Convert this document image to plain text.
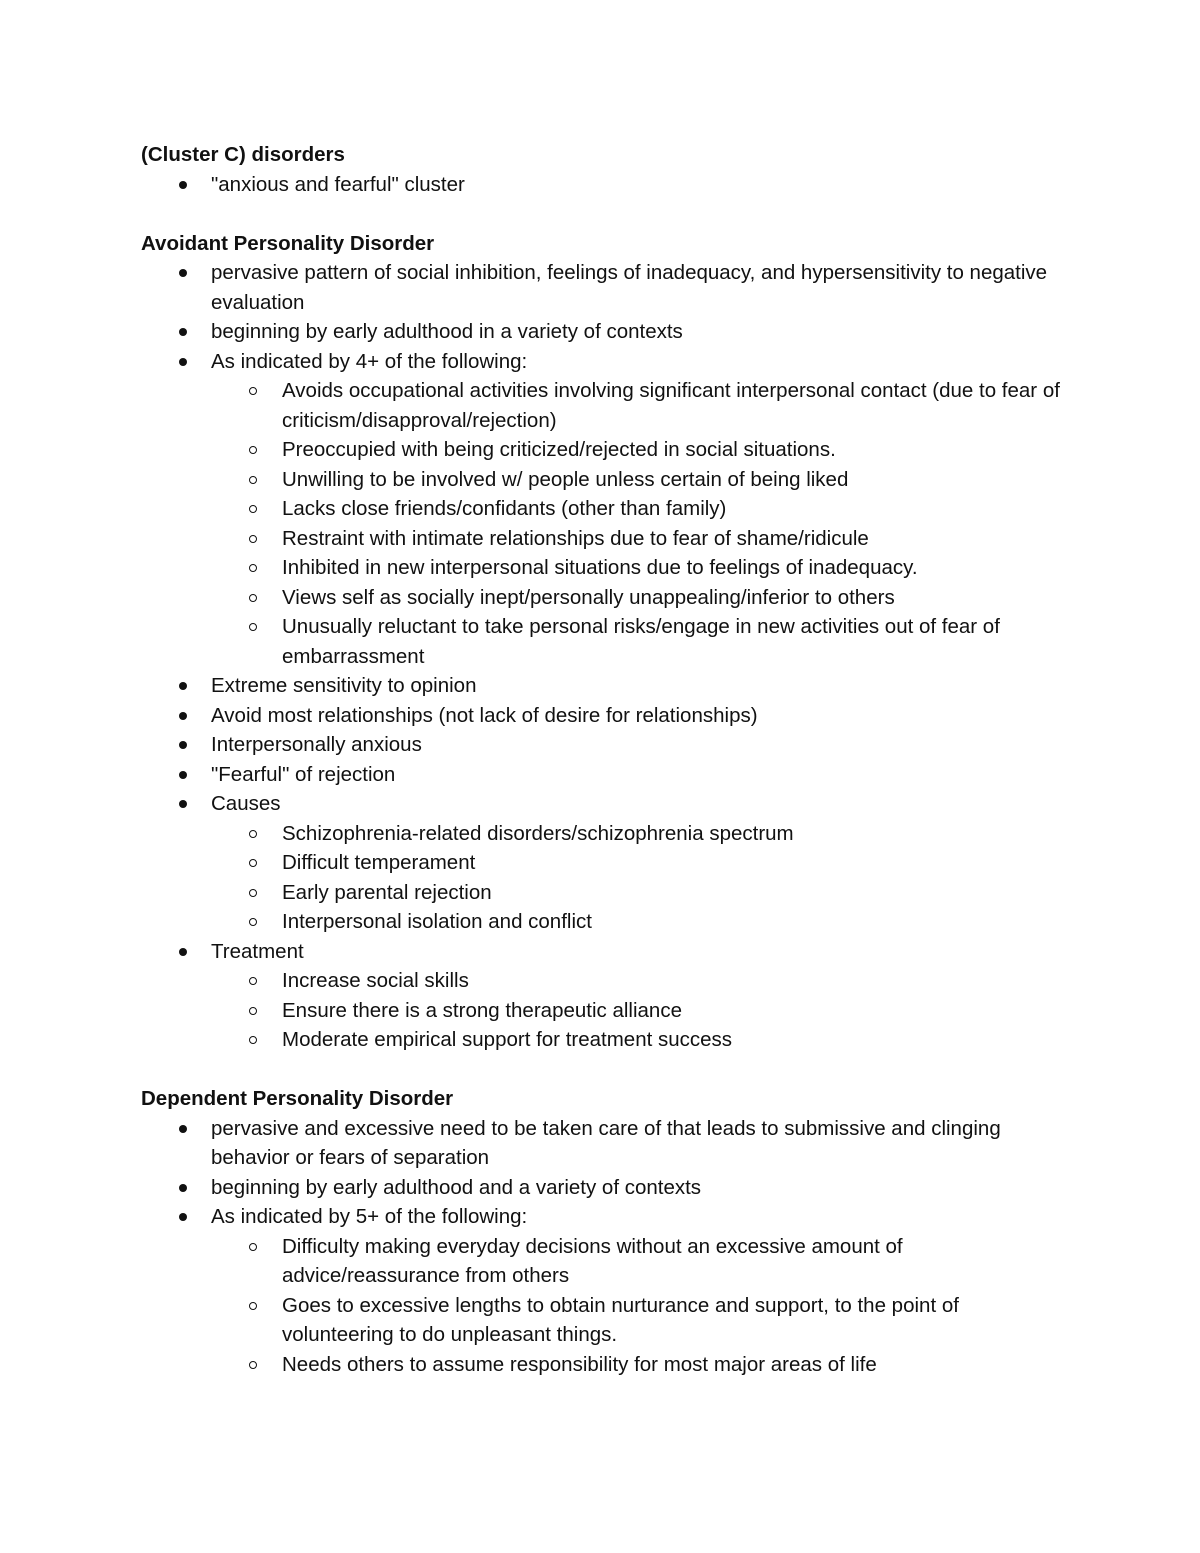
(Cluster C) disorders
"anxious and fearful" cluster
Avoidant Personality Disorder
pervasive pattern of social inhibition, feelings of inadequacy, and hypersensitivity to negative evaluation
beginning by early adulthood in a variety of contexts
As indicated by 4+ of the following:
Avoids occupational activities involving significant interpersonal contact (due to fear of criticism/disapproval/rejection)
Preoccupied with being criticized/rejected in social situations.
Unwilling to be involved w/ people unless certain of being liked
Lacks close friends/confidants (other than family)
Restraint with intimate relationships due to fear of shame/ridicule
Inhibited in new interpersonal situations due to feelings of inadequacy.
Views self as socially inept/personally unappealing/inferior to others
Unusually reluctant to take personal risks/engage in new activities out of fear of embarrassment
Extreme sensitivity to opinion
Avoid most relationships (not lack of desire for relationships)
Interpersonally anxious
"Fearful" of rejection
Causes
Schizophrenia-related disorders/schizophrenia spectrum
Difficult temperament
Early parental rejection
Interpersonal isolation and conflict
Treatment
Increase social skills
Ensure there is a strong therapeutic alliance
Moderate empirical support for treatment success
Dependent Personality Disorder
pervasive and excessive need to be taken care of that leads to submissive and clinging behavior or fears of separation
beginning by early adulthood and a variety of contexts
As indicated by 5+ of the following:
Difficulty making everyday decisions without an excessive amount of advice/reassurance from others
Goes to excessive lengths to obtain nurturance and support, to the point of volunteering to do unpleasant things.
Needs others to assume responsibility for most major areas of life
